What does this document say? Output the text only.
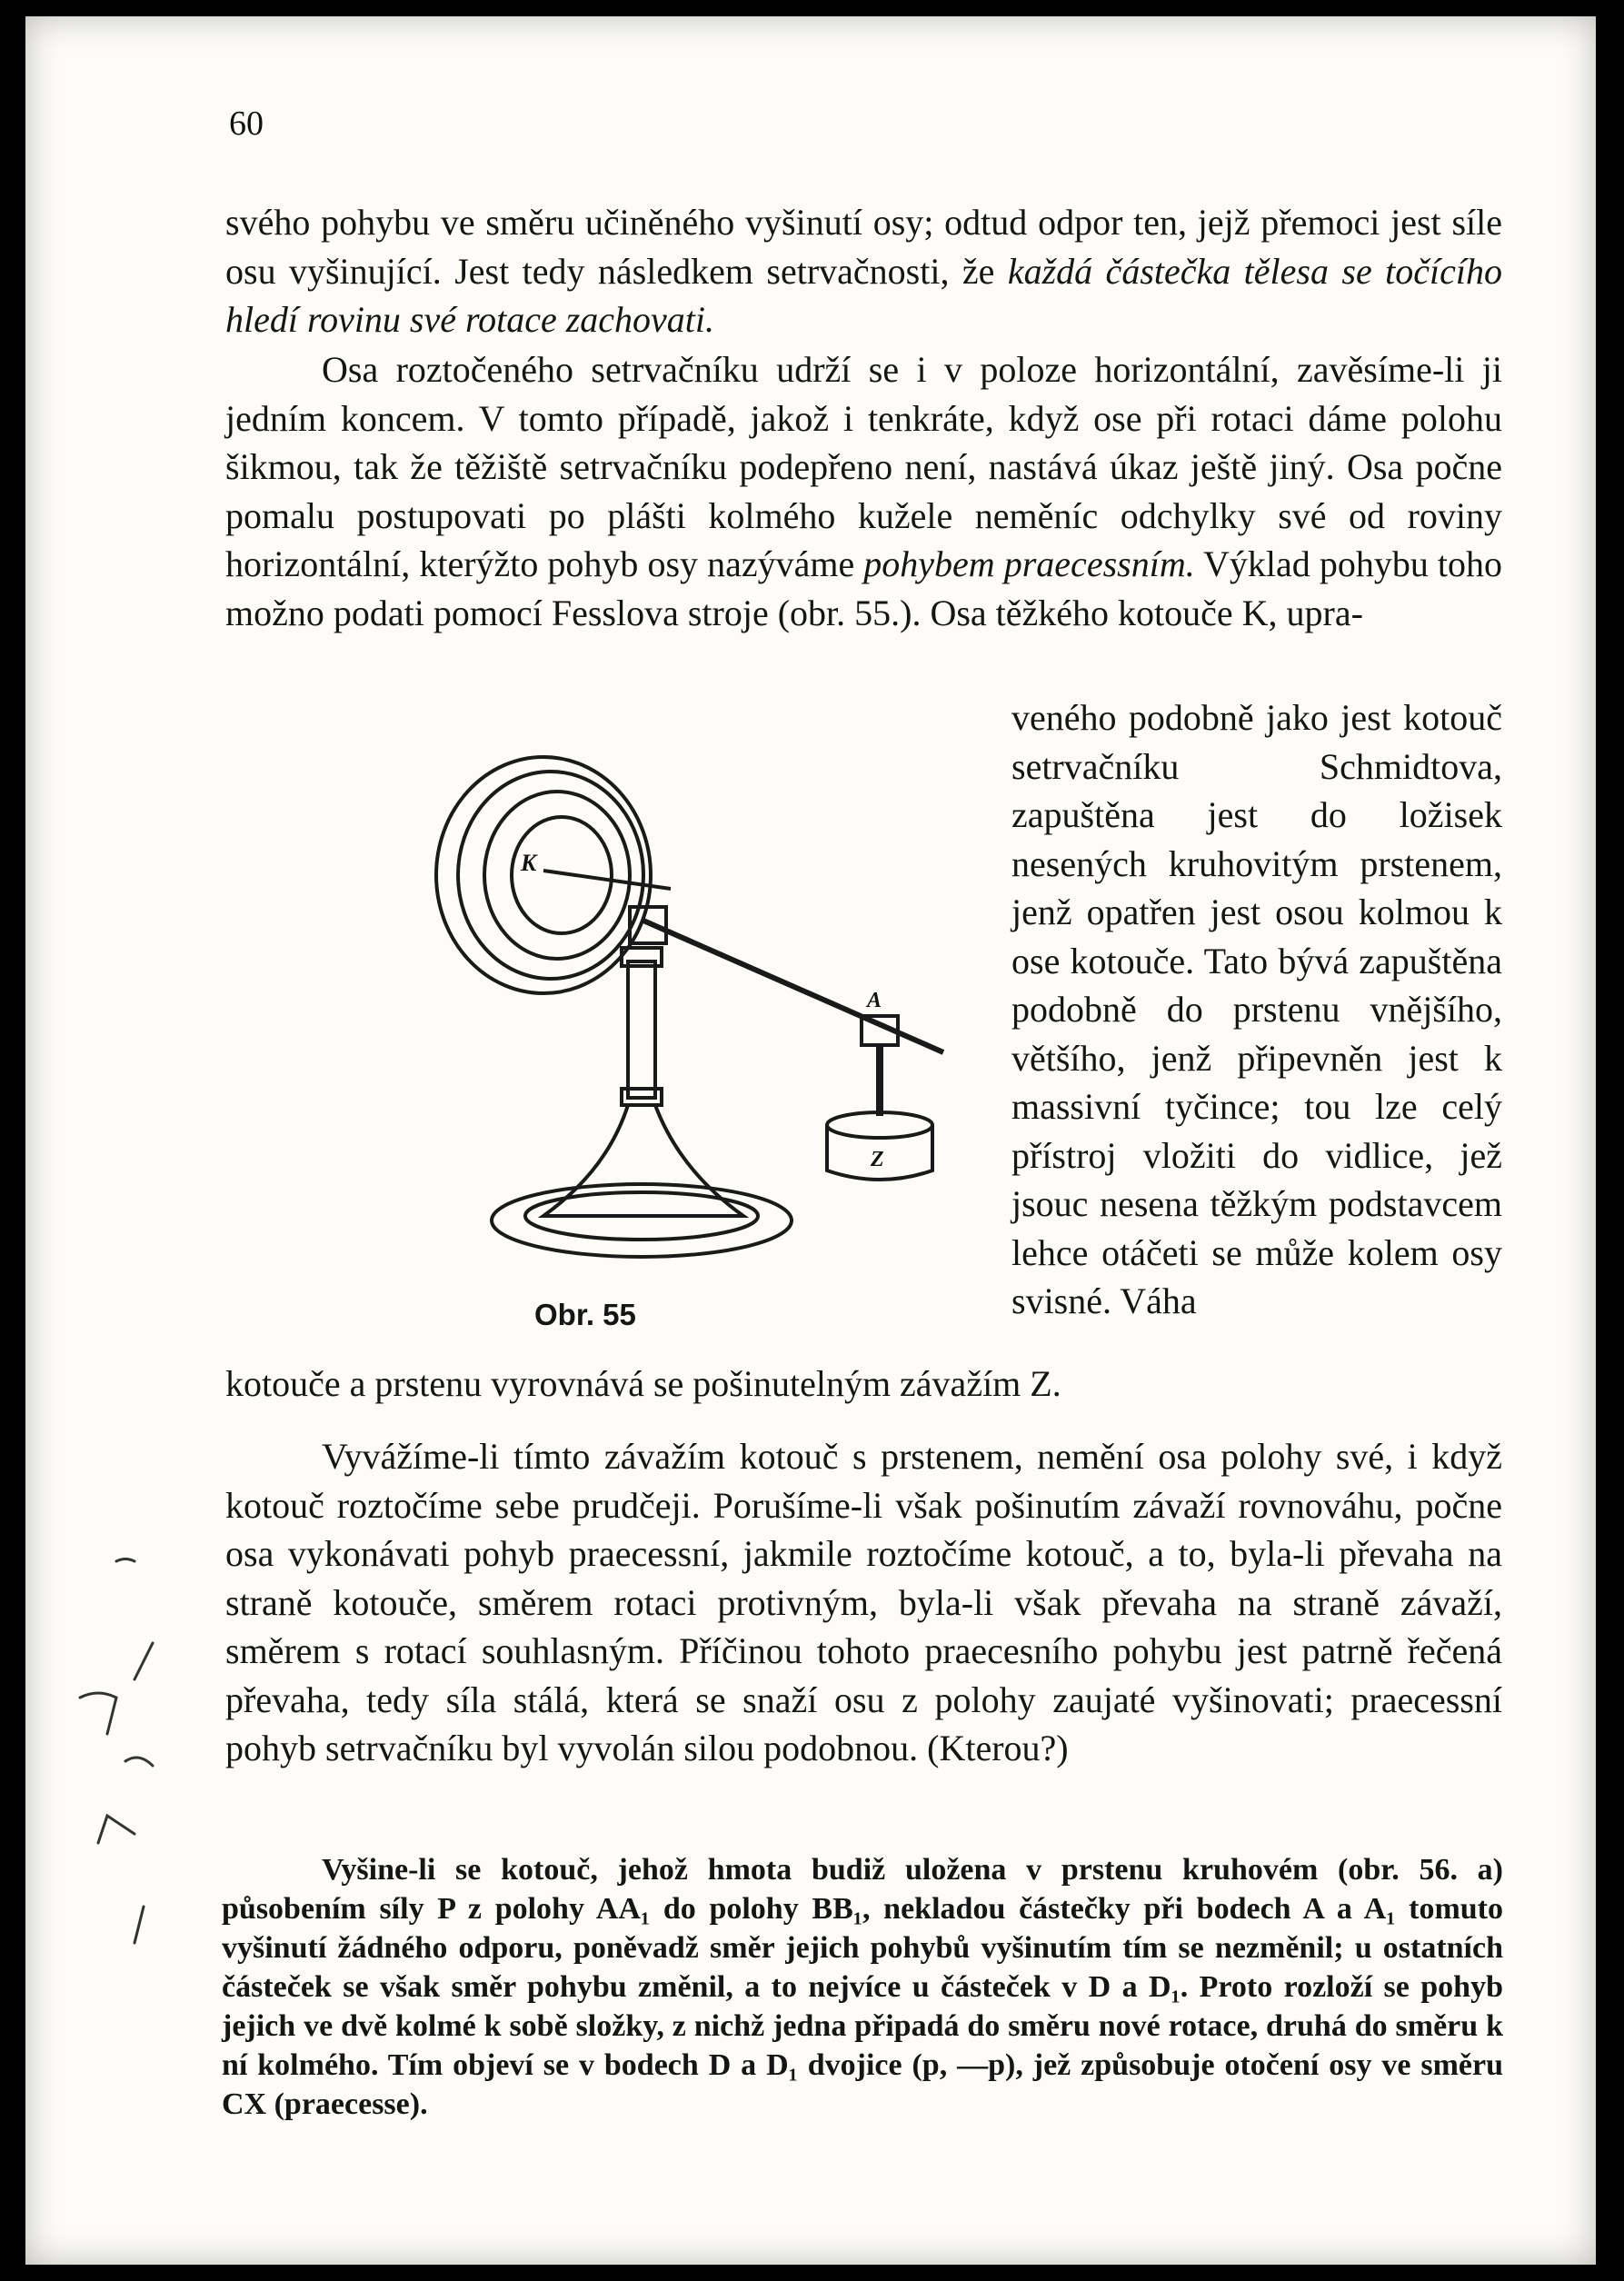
60

svého pohybu ve směru učiněného vyšinutí osy; odtud odpor ten, jejž přemoci jest síle osu vyšinující. Jest tedy následkem setrvačnosti, že každá částečka tělesa se točícího hledí rovinu své rotace zachovati.

Osa roztočeného setrvačníku udrží se i v poloze horizontální, zavěsíme-li ji jedním koncem. V tomto případě, jakož i tenkráte, když ose při rotaci dáme polohu šikmou, tak že těžiště setrvačníku podepřeno není, nastává úkaz ještě jiný. Osa počne pomalu postupovati po plášti kolmého kužele neměníc odchylky své od roviny horizontální, kterýžto pohyb osy nazýváme pohybem praecessním. Výklad pohybu toho možno podati pomocí Fesslova stroje (obr. 55.). Osa těžkého kotouče K, upra-

veného podobně jako jest kotouč setrvačníku Schmidtova, zapuštěna jest do ložisek nesených kruhovitým prstenem, jenž opatřen jest osou kolmou k ose kotouče. Tato bývá zapuštěna podobně do prstenu vnějšího, většího, jenž připevněn jest k massivní tyčince; tou lze celý přístroj vložiti do vidlice, jež jsouc nesena těžkým podstavcem lehce otáčeti se může kolem osy svisné. Váha

K
A
Z
Obr. 55

kotouče a prstenu vyrovnává se pošinutelným závažím Z.

Vyvážíme-li tímto závažím kotouč s prstenem, nemění osa polohy své, i když kotouč roztočíme sebe prudčeji. Porušíme-li však pošinutím závaží rovnováhu, počne osa vykonávati pohyb praecessní, jakmile roztočíme kotouč, a to, byla-li převaha na straně kotouče, směrem rotaci protivným, byla-li však převaha na straně závaží, směrem s rotací souhlasným. Příčinou tohoto praecesního pohybu jest patrně řečená převaha, tedy síla stálá, která se snaží osu z polohy zaujaté vyšinovati; praecessní pohyb setrvačníku byl vyvolán silou podobnou. (Kterou?)

Vyšine-li se kotouč, jehož hmota budiž uložena v prstenu kruhovém (obr. 56. a) působením síly P z polohy AA₁ do polohy BB₁, nekladou částečky při bodech A a A₁ tomuto vyšinutí žádného odporu, poněvadž směr jejich pohybů vyšinutím tím se nezměnil; u ostatních částeček se však směr pohybu změnil, a to nejvíce u částeček v D a D₁. Proto rozloží se pohyb jejich ve dvě kolmé k sobě složky, z nichž jedna připadá do směru nové rotace, druhá do směru k ní kolmého. Tím objeví se v bodech D a D₁ dvojice (p, —p), jež způsobuje otočení osy ve směru CX (praecesse).
